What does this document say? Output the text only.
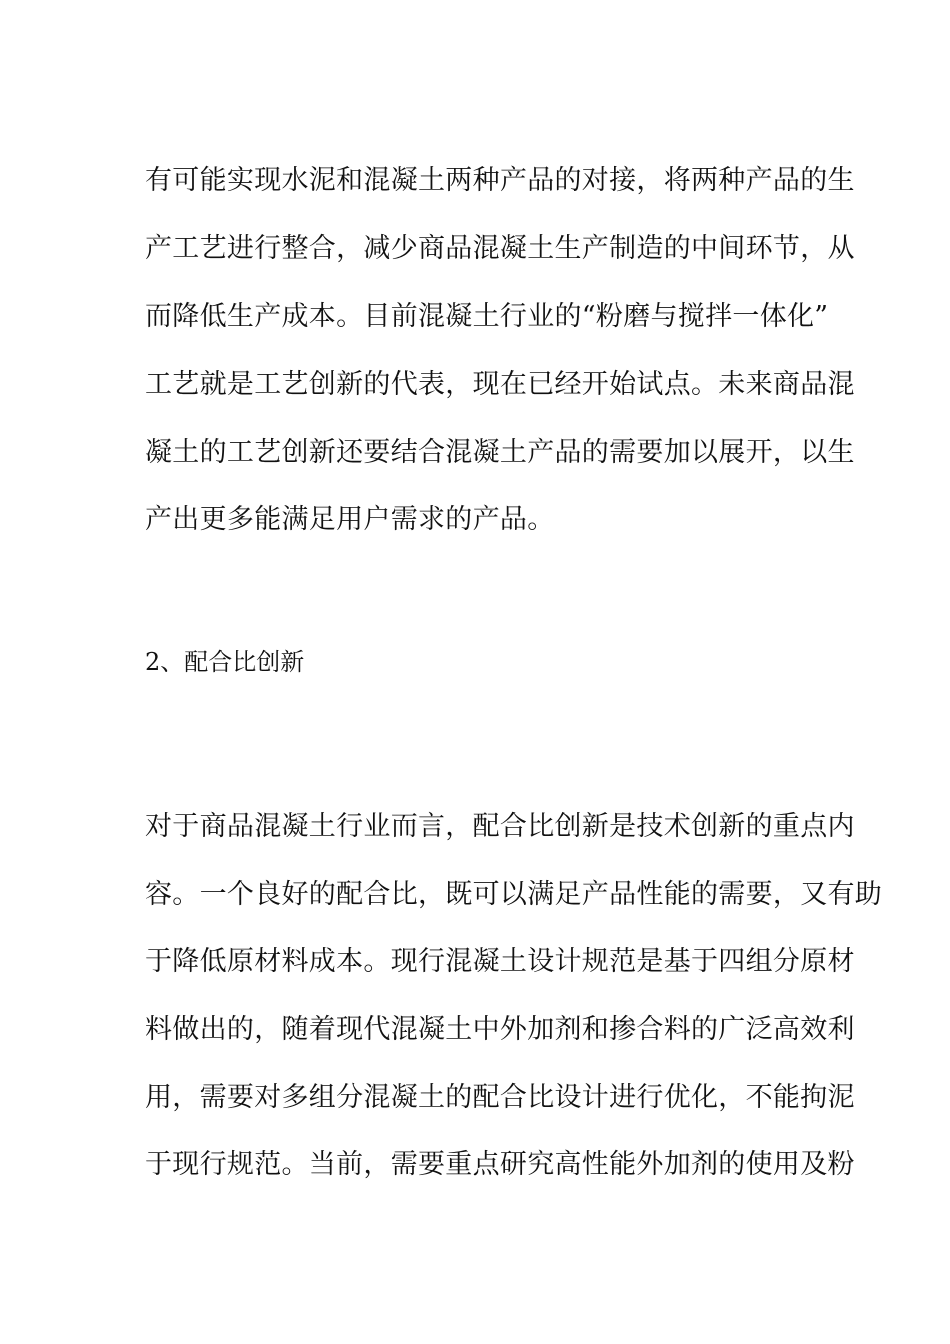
有可能实现水泥和混凝土两种产品的对接，将两种产品的生
产工艺进行整合，减少商品混凝土生产制造的中间环节，从
而降低生产成本。目前混凝土行业的“粉磨与搅拌一体化”
工艺就是工艺创新的代表，现在已经开始试点。未来商品混
凝土的工艺创新还要结合混凝土产品的需要加以展开，以生
产出更多能满足用户需求的产品。
2、配合比创新
对于商品混凝土行业而言，配合比创新是技术创新的重点内
容。一个良好的配合比，既可以满足产品性能的需要，又有助
于降低原材料成本。现行混凝土设计规范是基于四组分原材
料做出的，随着现代混凝土中外加剂和掺合料的广泛高效利
用，需要对多组分混凝土的配合比设计进行优化，不能拘泥
于现行规范。当前，需要重点研究高性能外加剂的使用及粉
